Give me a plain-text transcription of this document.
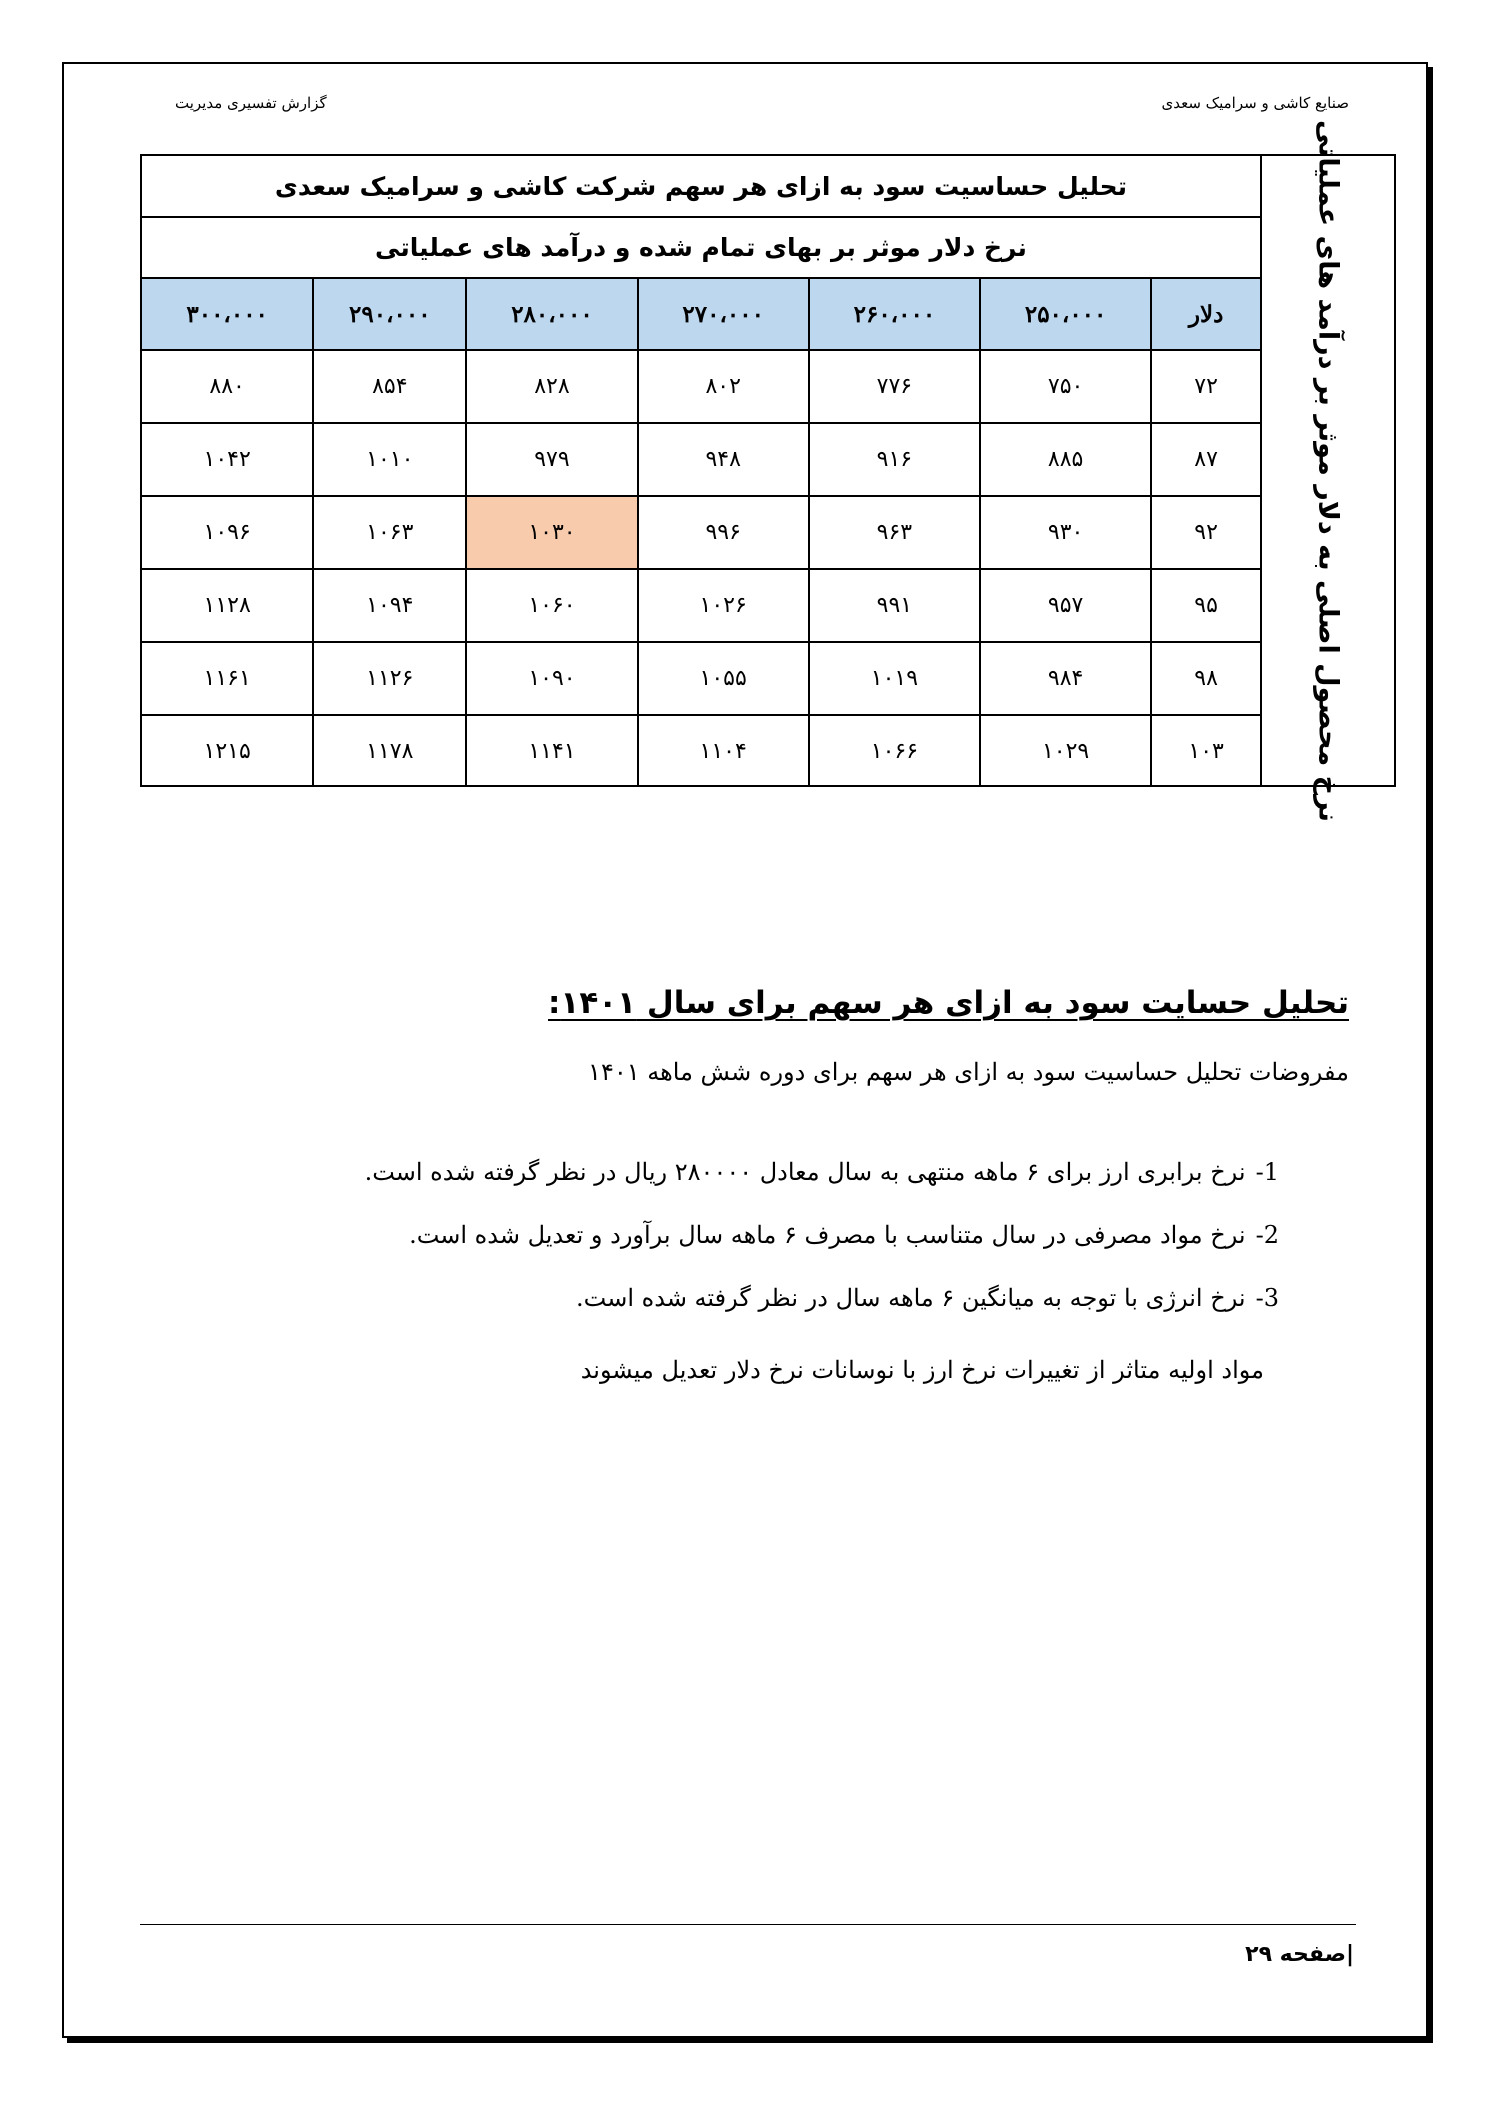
صنایع کاشی و سرامیک سعدی
گزارش تفسیری مدیریت
نرخ محصول اصلی به دلار موثر بر درآمد های عملیاتی
تحلیل حساسیت سود به ازای هر سهم شرکت کاشی و سرامیک سعدی
نرخ دلار موثر بر بهای تمام شده و درآمد های عملیاتی
دلار	۲۵۰،۰۰۰	۲۶۰،۰۰۰	۲۷۰،۰۰۰	۲۸۰،۰۰۰	۲۹۰،۰۰۰	۳۰۰،۰۰۰
۷۲	۷۵۰	۷۷۶	۸۰۲	۸۲۸	۸۵۴	۸۸۰
۸۷	۸۸۵	۹۱۶	۹۴۸	۹۷۹	۱۰۱۰	۱۰۴۲
۹۲	۹۳۰	۹۶۳	۹۹۶	۱۰۳۰	۱۰۶۳	۱۰۹۶
۹۵	۹۵۷	۹۹۱	۱۰۲۶	۱۰۶۰	۱۰۹۴	۱۱۲۸
۹۸	۹۸۴	۱۰۱۹	۱۰۵۵	۱۰۹۰	۱۱۲۶	۱۱۶۱
۱۰۳	۱۰۲۹	۱۰۶۶	۱۱۰۴	۱۱۴۱	۱۱۷۸	۱۲۱۵
تحلیل حسایت سود به ازای هر سهم برای سال ۱۴۰۱:
مفروضات تحلیل حساسیت سود به ازای هر سهم برای دوره شش ماهه ۱۴۰۱
1-
نرخ برابری ارز برای ۶ ماهه منتهی به سال معادل ۲۸۰۰۰۰ ریال در نظر گرفته شده است.
2-
نرخ مواد مصرفی در سال متناسب با مصرف ۶ ماهه سال برآورد و تعدیل شده است.
3-
نرخ انرژی با توجه به میانگین ۶ ماهه سال در نظر گرفته شده است.
مواد اولیه متاثر از تغییرات نرخ ارز با نوسانات نرخ دلار تعدیل میشوند
|صفحه ۲۹
